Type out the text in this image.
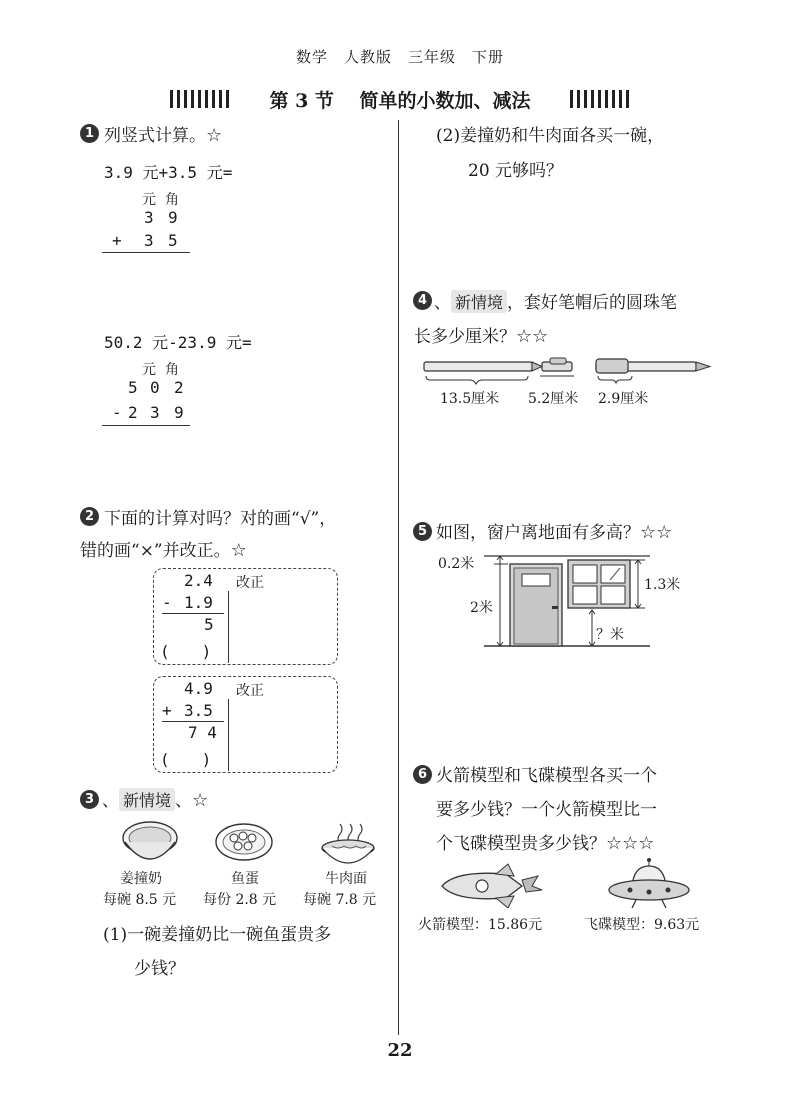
数学　人教版　三年级　下册
第 3 节　 简单的小数加、减法
1 列竖式计算。☆
3.9 元+3.5 元=
元 角
3 9
+ 3 5
50.2 元-23.9 元=
元 角
5 0 2
- 2 3 9
2 下面的计算对吗？对的画“√”，
错的画“×”并改正。☆
2.4 改正
- 1.9
5
(　　)
4.9 改正
+ 3.5
7 4
(　　)
3 、 新情境 、☆
姜撞奶	鱼蛋	牛肉面
每碗 8.5 元 每份 2.8 元 每碗 7.8 元
(1)一碗姜撞奶比一碗鱼蛋贵多
少钱？
(2)姜撞奶和牛肉面各买一碗，
20 元够吗？
4 、 新情境 ，套好笔帽后的圆珠笔
长多少厘米？☆☆
13.5厘米 5.2厘米 2.9厘米
5 如图，窗户离地面有多高？☆☆
0.2米
2米
1.3米
？米
6 火箭模型和飞碟模型各买一个
要多少钱？一个火箭模型比一
个飞碟模型贵多少钱？☆☆☆
火箭模型：15.86元	飞碟模型：9.63元
22
